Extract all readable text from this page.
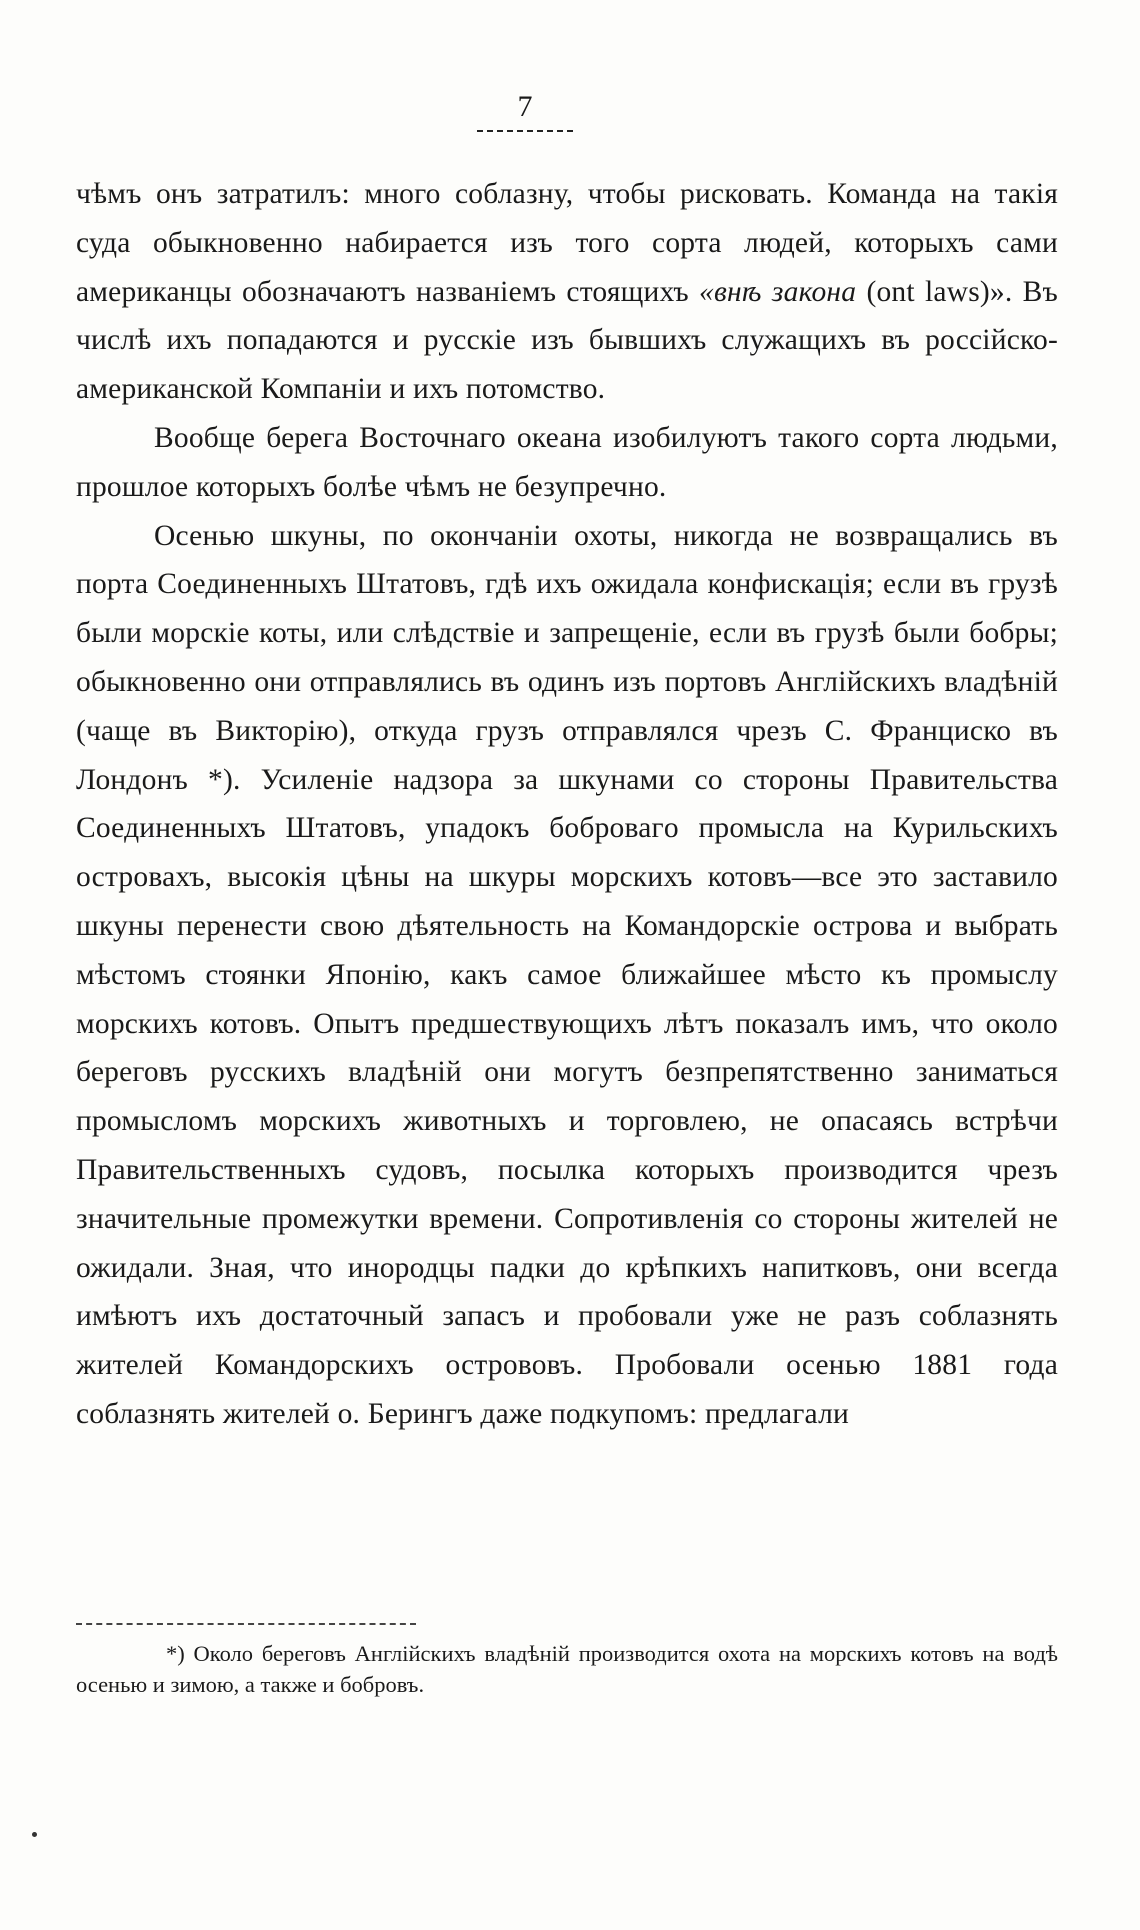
7

чѣмъ онъ затратилъ: много соблазну, чтобы рисковать. Команда на такія суда обыкновенно набирается изъ того сорта людей, которыхъ сами американцы обозначаютъ названіемъ стоящихъ «внѣ закона (ont laws)». Въ числѣ ихъ попадаются и русскіе изъ бывшихъ служащихъ въ россійско-американской Компаніи и ихъ потомство.

Вообще берега Восточнаго океана изобилуютъ такого сорта людьми, прошлое которыхъ болѣе чѣмъ не безупречно.

Осенью шкуны, по окончаніи охоты, никогда не возвращались въ порта Соединенныхъ Штатовъ, гдѣ ихъ ожидала конфискація; если въ грузѣ были морскіе коты, или слѣдствіе и запрещеніе, если въ грузѣ были бобры; обыкновенно они отправлялись въ одинъ изъ портовъ Англійскихъ владѣній (чаще въ Викторію), откуда грузъ отправлялся чрезъ С. Франциско въ Лондонъ *). Усиленіе надзора за шкунами со стороны Правительства Соединенныхъ Штатовъ, упадокъ бобровагo промысла на Курильскихъ островахъ, высокія цѣны на шкуры морскихъ котовъ—все это заставило шкуны перенести свою дѣятельность на Командорскіе острова и выбрать мѣстомъ стоянки Японію, какъ самое ближайшее мѣсто къ промыслу морскихъ котовъ. Опытъ предшествующихъ лѣтъ показалъ имъ, что около береговъ русскихъ владѣній они могутъ безпрепятственно заниматься промысломъ морскихъ животныхъ и торговлею, не опасаясь встрѣчи Правительственныхъ судовъ, посылка которыхъ производится чрезъ значительные промежутки времени. Сопротивленія со стороны жителей не ожидали. Зная, что инородцы падки до крѣпкихъ напитковъ, они всегда имѣютъ ихъ достаточный запасъ и пробовали уже не разъ соблазнять жителей Командорскихъ острововъ. Пробовали осенью 1881 года соблазнять жителей о. Берингъ даже подкупомъ: предлагали

*) Около береговъ Англійскихъ владѣній производится охота на морскихъ котовъ на водѣ осенью и зимою, а также и бобровъ.
